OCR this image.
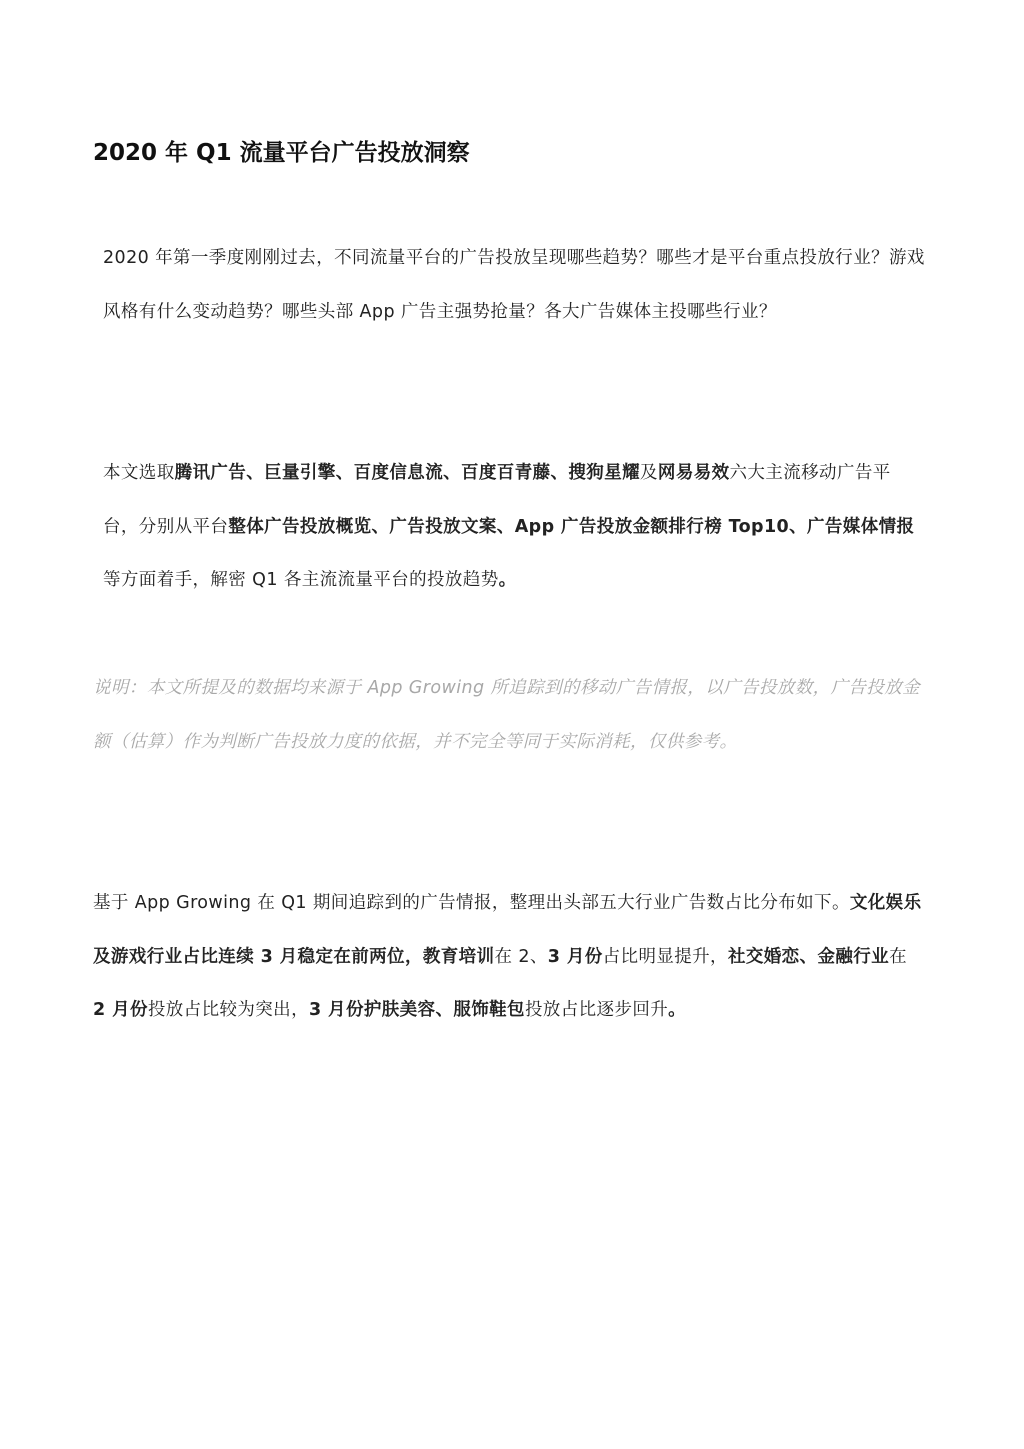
2020 年 Q1 流量平台广告投放洞察

2020 年第一季度刚刚过去，不同流量平台的广告投放呈现哪些趋势？哪些才是平台重点投放行业？游戏风格有什么变动趋势？哪些头部 App 广告主强势抢量？各大广告媒体主投哪些行业？

本文选取腾讯广告、巨量引擎、百度信息流、百度百青藤、搜狗星耀及网易易效六大主流移动广告平台，分别从平台整体广告投放概览、广告投放文案、App 广告投放金额排行榜 Top10、广告媒体情报等方面着手，解密 Q1 各主流流量平台的投放趋势。

说明：本文所提及的数据均来源于 App Growing 所追踪到的移动广告情报，以广告投放数，广告投放金额（估算）作为判断广告投放力度的依据，并不完全等同于实际消耗，仅供参考。

基于 App Growing 在 Q1 期间追踪到的广告情报，整理出头部五大行业广告数占比分布如下。文化娱乐及游戏行业占比连续 3 月稳定在前两位，教育培训在 2、3 月份占比明显提升，社交婚恋、金融行业在 2 月份投放占比较为突出，3 月份护肤美容、服饰鞋包投放占比逐步回升。
